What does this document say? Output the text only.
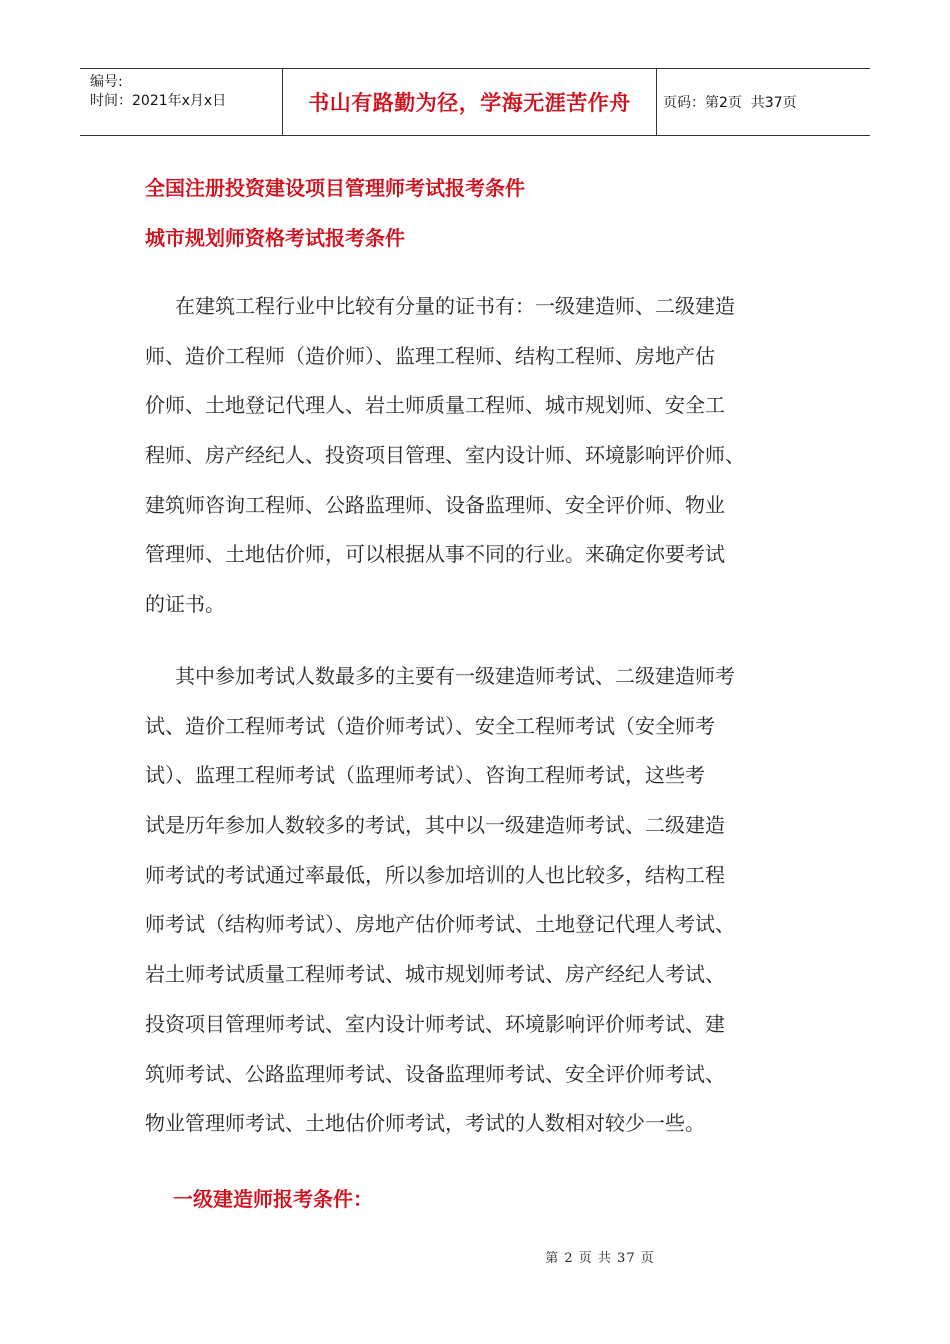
编号:
时间：2021年x月x日	书山有路勤为径，学海无涯苦作舟	页码：第2页  共37页
全国注册投资建设项目管理师考试报考条件
城市规划师资格考试报考条件
在建筑工程行业中比较有分量的证书有：一级建造师、二级建造
师、造价工程师（造价师）、监理工程师、结构工程师、房地产估
价师、土地登记代理人、岩土师质量工程师、城市规划师、安全工
程师、房产经纪人、投资项目管理、室内设计师、环境影响评价师、
建筑师咨询工程师、公路监理师、设备监理师、安全评价师、物业
管理师、土地估价师，可以根据从事不同的行业。来确定你要考试
的证书。
其中参加考试人数最多的主要有一级建造师考试、二级建造师考
试、造价工程师考试（造价师考试）、安全工程师考试（安全师考
试）、监理工程师考试（监理师考试）、咨询工程师考试，这些考
试是历年参加人数较多的考试，其中以一级建造师考试、二级建造
师考试的考试通过率最低，所以参加培训的人也比较多，结构工程
师考试（结构师考试）、房地产估价师考试、土地登记代理人考试、
岩土师考试质量工程师考试、城市规划师考试、房产经纪人考试、
投资项目管理师考试、室内设计师考试、环境影响评价师考试、建
筑师考试、公路监理师考试、设备监理师考试、安全评价师考试、
物业管理师考试、土地估价师考试，考试的人数相对较少一些。
一级建造师报考条件：
第 2 页 共 37 页
